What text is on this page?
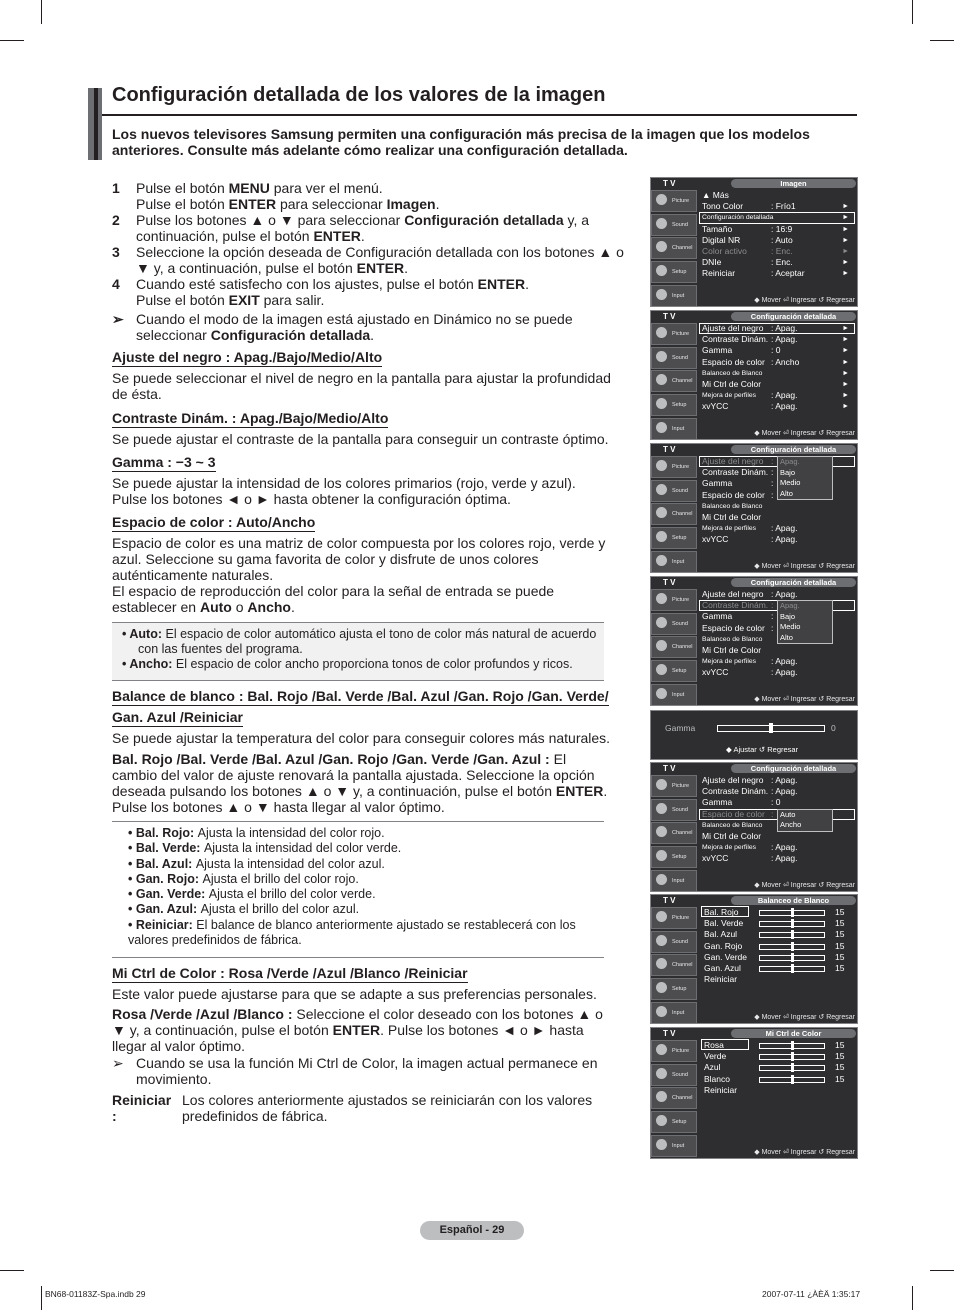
Configuración detallada de los valores de la imagen
Los nuevos televisores Samsung permiten una configuración más precisa de la imagen que los modelos anteriores. Consulte más adelante cómo realizar una configuración detallada.
1 Pulse el botón MENU para ver el menú.
Pulse el botón ENTER para seleccionar Imagen.
2 Pulse los botones ▲ o ▼ para seleccionar Configuración detallada y, a continuación, pulse el botón ENTER.
3 Seleccione la opción deseada de Configuración detallada con los botones ▲ o ▼ y, a continuación, pulse el botón ENTER.
4 Cuando esté satisfecho con los ajustes, pulse el botón ENTER.
Pulse el botón EXIT para salir.
➢ Cuando el modo de la imagen está ajustado en Dinámico no se puede seleccionar Configuración detallada.
Ajuste del negro : Apag./Bajo/Medio/Alto
Se puede seleccionar el nivel de negro en la pantalla para ajustar la profundidad de ésta.
Contraste Dinám. : Apag./Bajo/Medio/Alto
Se puede ajustar el contraste de la pantalla para conseguir un contraste óptimo.
Gamma : −3 ~ 3
Se puede ajustar la intensidad de los colores primarios (rojo, verde y azul). Pulse los botones ◄ o ► hasta obtener la configuración óptima.
Espacio de color : Auto/Ancho
Espacio de color es una matriz de color compuesta por los colores rojo, verde y azul. Seleccione su gama favorita de color y disfrute de unos colores auténticamente naturales.
El espacio de reproducción del color para la señal de entrada se puede establecer en Auto o Ancho.
• Auto: El espacio de color automático ajusta el tono de color más natural de acuerdo con las fuentes del programa.
• Ancho: El espacio de color ancho proporciona tonos de color profundos y ricos.
Balance de blanco : Bal. Rojo /Bal. Verde /Bal. Azul /Gan. Rojo /Gan. Verde/
Gan. Azul /Reiniciar
Se puede ajustar la temperatura del color para conseguir colores más naturales.
Bal. Rojo /Bal. Verde /Bal. Azul /Gan. Rojo /Gan. Verde /Gan. Azul : El cambio del valor de ajuste renovará la pantalla ajustada. Seleccione la opción deseada pulsando los botones ▲ o ▼ y, a continuación, pulse el botón ENTER. Pulse los botones ▲ o ▼ hasta llegar al valor óptimo.
• Bal. Rojo: Ajusta la intensidad del color rojo.
• Bal. Verde: Ajusta la intensidad del color verde.
• Bal. Azul: Ajusta la intensidad del color azul.
• Gan. Rojo: Ajusta el brillo del color rojo.
• Gan. Verde: Ajusta el brillo del color verde.
• Gan. Azul: Ajusta el brillo del color azul.
• Reiniciar: El balance de blanco anteriormente ajustado se restablecerá con los valores predefinidos de fábrica.
Mi Ctrl de Color : Rosa /Verde /Azul /Blanco /Reiniciar
Este valor puede ajustarse para que se adapte a sus preferencias personales.
Rosa /Verde /Azul /Blanco : Seleccione el color deseado con los botones ▲ o ▼ y, a continuación, pulse el botón ENTER. Pulse los botones ◄ o ► hasta llegar al valor óptimo.
➢ Cuando se usa la función Mi Ctrl de Color, la imagen actual permanece en movimiento.
Reiniciar :
Los colores anteriormente ajustados se reiniciarán con los valores predefinidos de fábrica.
T V	Imagen
Picture
Sound
Channel
Setup
Input
▲ Más
Tono Color	: Frío1	►
Configuración detallada	►
Tamaño	: 16:9	►
Digital NR	: Auto	►
Color activo	: Enc.	►
DNIe	: Enc.	►
Reiniciar	: Aceptar	►
◆ Mover ⏎ Ingresar ↺ Regresar
T V	Configuración detallada
Picture
Sound
Channel
Setup
Input
Ajuste del negro : Apag.	►
Contraste Dinám. : Apag.	►
Gamma	: 0	►
Espacio de color : Ancho	►
Balanceo de Blanco	►
Mi Ctrl de Color	►
Mejora de perfiles : Apag.	►
xvYCC	: Apag.	►
◆ Mover ⏎ Ingresar ↺ Regresar
T V	Configuración detallada
Picture
Sound
Channel
Setup
Input
Ajuste del negro :
Contraste Dinám. :
Gamma	:
Espacio de color :
Balanceo de Blanco
Mi Ctrl de Color
Mejora de perfiles : Apag.
xvYCC	: Apag.
Apag.
Bajo
Medio
Alto
◆ Mover ⏎ Ingresar ↺ Regresar
T V	Configuración detallada
Picture
Sound
Channel
Setup
Input
Ajuste del negro : Apag.
Contraste Dinám. :
Gamma	:
Espacio de color :
Balanceo de Blanco
Mi Ctrl de Color
Mejora de perfiles : Apag.
xvYCC	: Apag.
Apag.
Bajo
Medio
Alto
◆ Mover ⏎ Ingresar ↺ Regresar
T V	Configuración detallada
Picture
Sound
Channel
Setup
Input
Ajuste del negro : Apag.
Contraste Dinám. : Apag.
Gamma	: 0
Espacio de color :
Balanceo de Blanco
Mi Ctrl de Color
Mejora de perfiles : Apag.
xvYCC	: Apag.
Auto
Ancho
◆ Mover ⏎ Ingresar ↺ Regresar
T V	Balanceo de Blanco
Picture
Sound
Channel
Setup
Input
Bal. Rojo	15
Bal. Verde	15
Bal. Azul	15
Gan. Rojo	15
Gan. Verde	15
Gan. Azul	15
Reiniciar
◆ Mover ⏎ Ingresar ↺ Regresar
T V	Mi Ctrl de Color
Picture
Sound
Channel
Setup
Input
Rosa	15
Verde	15
Azul	15
Blanco	15
Reiniciar
◆ Mover ⏎ Ingresar ↺ Regresar
Gamma	0
◆ Ajustar ↺ Regresar
Español - 29
BN68-01183Z-Spa.indb 29	2007-07-11 ¿ÀÈÄ 1:35:17
